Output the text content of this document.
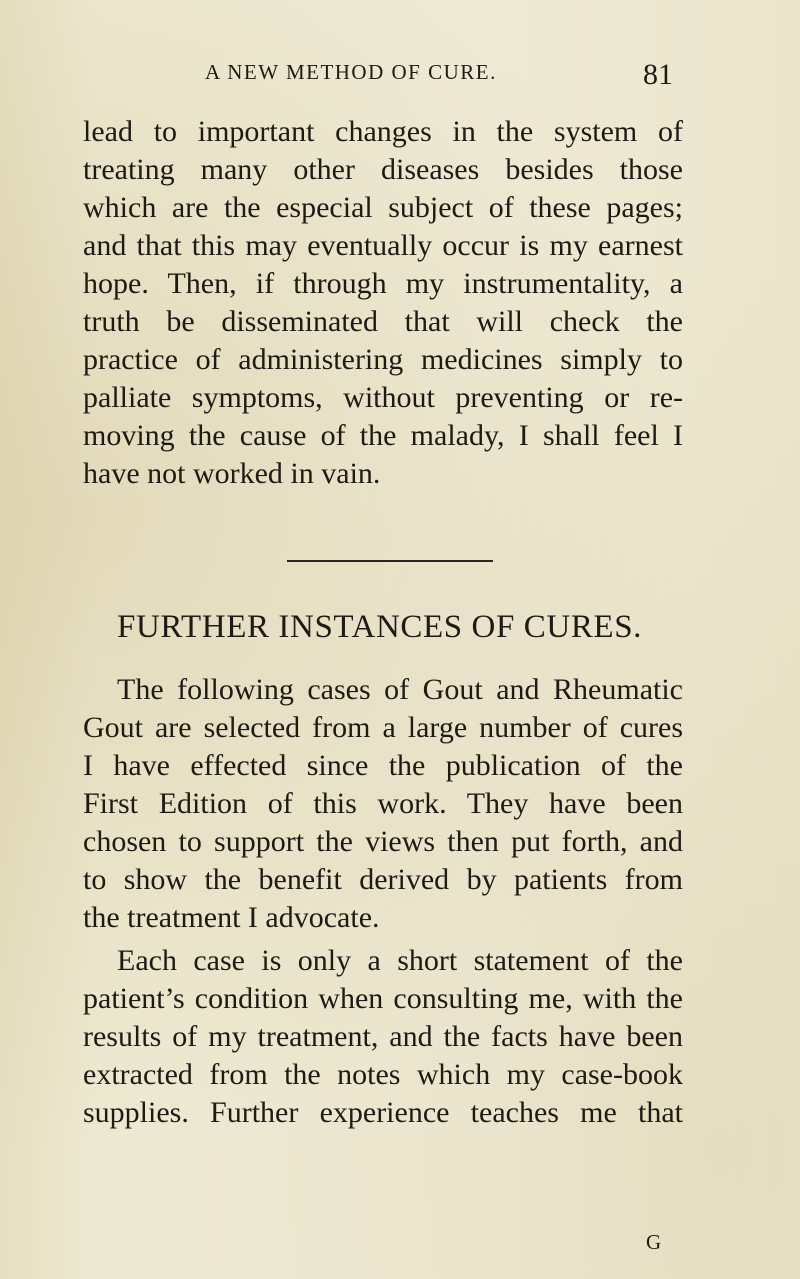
A NEW METHOD OF CURE.	81
lead to important changes in the system of
treating many other diseases besides those
which are the especial subject of these pages;
and that this may eventually occur is my earnest
hope. Then, if through my instrumentality, a
truth be disseminated that will check the
practice of administering medicines simply to
palliate symptoms, without preventing or re-
moving the cause of the malady, I shall feel I
have not worked in vain.
FURTHER INSTANCES OF CURES.
The following cases of Gout and Rheumatic
Gout are selected from a large number of cures
I have effected since the publication of the
First Edition of this work. They have been
chosen to support the views then put forth, and
to show the benefit derived by patients from
the treatment I advocate.
Each case is only a short statement of the
patient’s condition when consulting me, with the
results of my treatment, and the facts have been
extracted from the notes which my case-book
supplies. Further experience teaches me that
G
